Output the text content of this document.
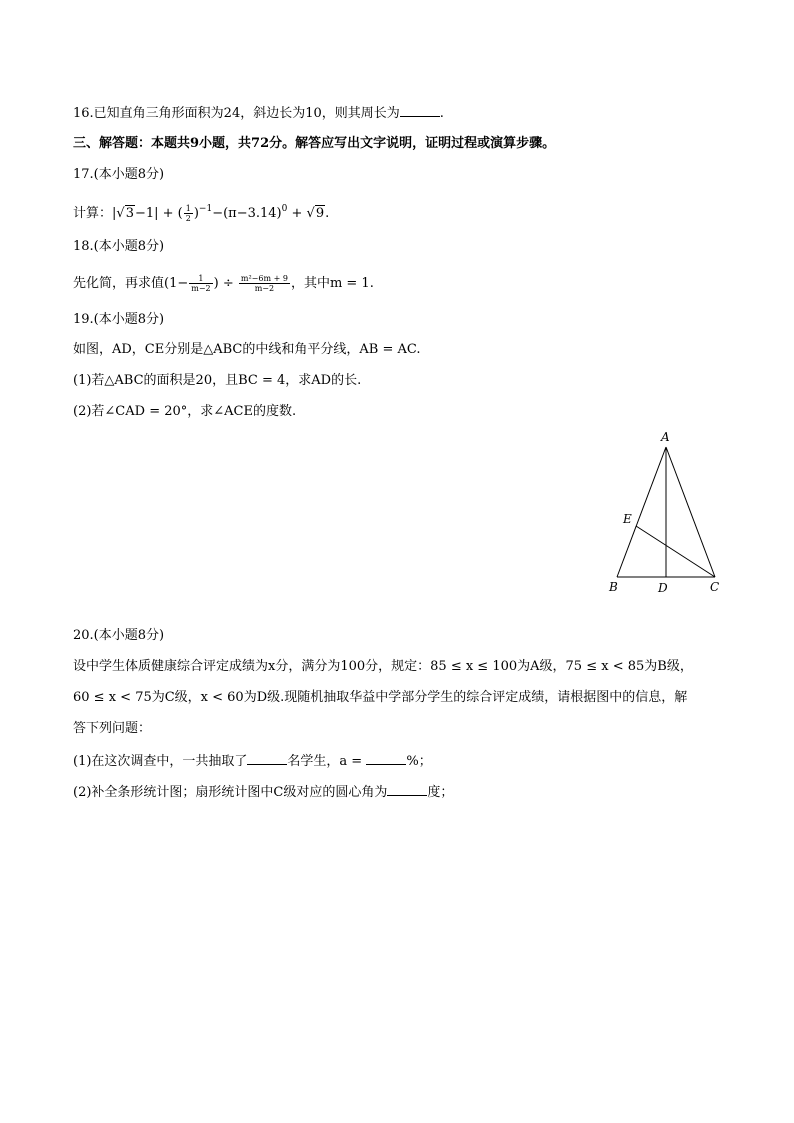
16.已知直角三角形面积为24，斜边长为10，则其周长为	.
三、解答题：本题共9小题，共72分。解答应写出文字说明，证明过程或演算步骤。
17.(本小题8分)
计算：|√3−1| + ( $\frac{1}{2} )^{-1}-(\pi-3.14)^0 + √9$.
18.(本小题8分)
先化简，再求值($1- \frac{1}{m-2}$ ) ÷ $\frac{\text{m²−6m + 9}}{m-2}$ ，其中m = 1.
19.(本小题8分)
如图，AD，CE分别是△ABC的中线和角平分线，AB = AC.
(1)若△ABC的面积是20，且BC = 4，求AD的长.
(2)若∠CAD = 20°，求∠ACE的度数.
A
E
B	D	C
20.(本小题8分)
设中学生体质健康综合评定成绩为x分，满分为100分，规定：85 ≤ x ≤ 100为A级，75 ≤ x < 85为B级，
60 ≤ x < 75为C级，x < 60为D级.现随机抽取华益中学部分学生的综合评定成绩，请根据图中的信息，解
答下列问题：
(1)在这次调查中，一共抽取了	名学生，a =	%；
(2)补全条形统计图；扇形统计图中C级对应的圆心角为	度；
